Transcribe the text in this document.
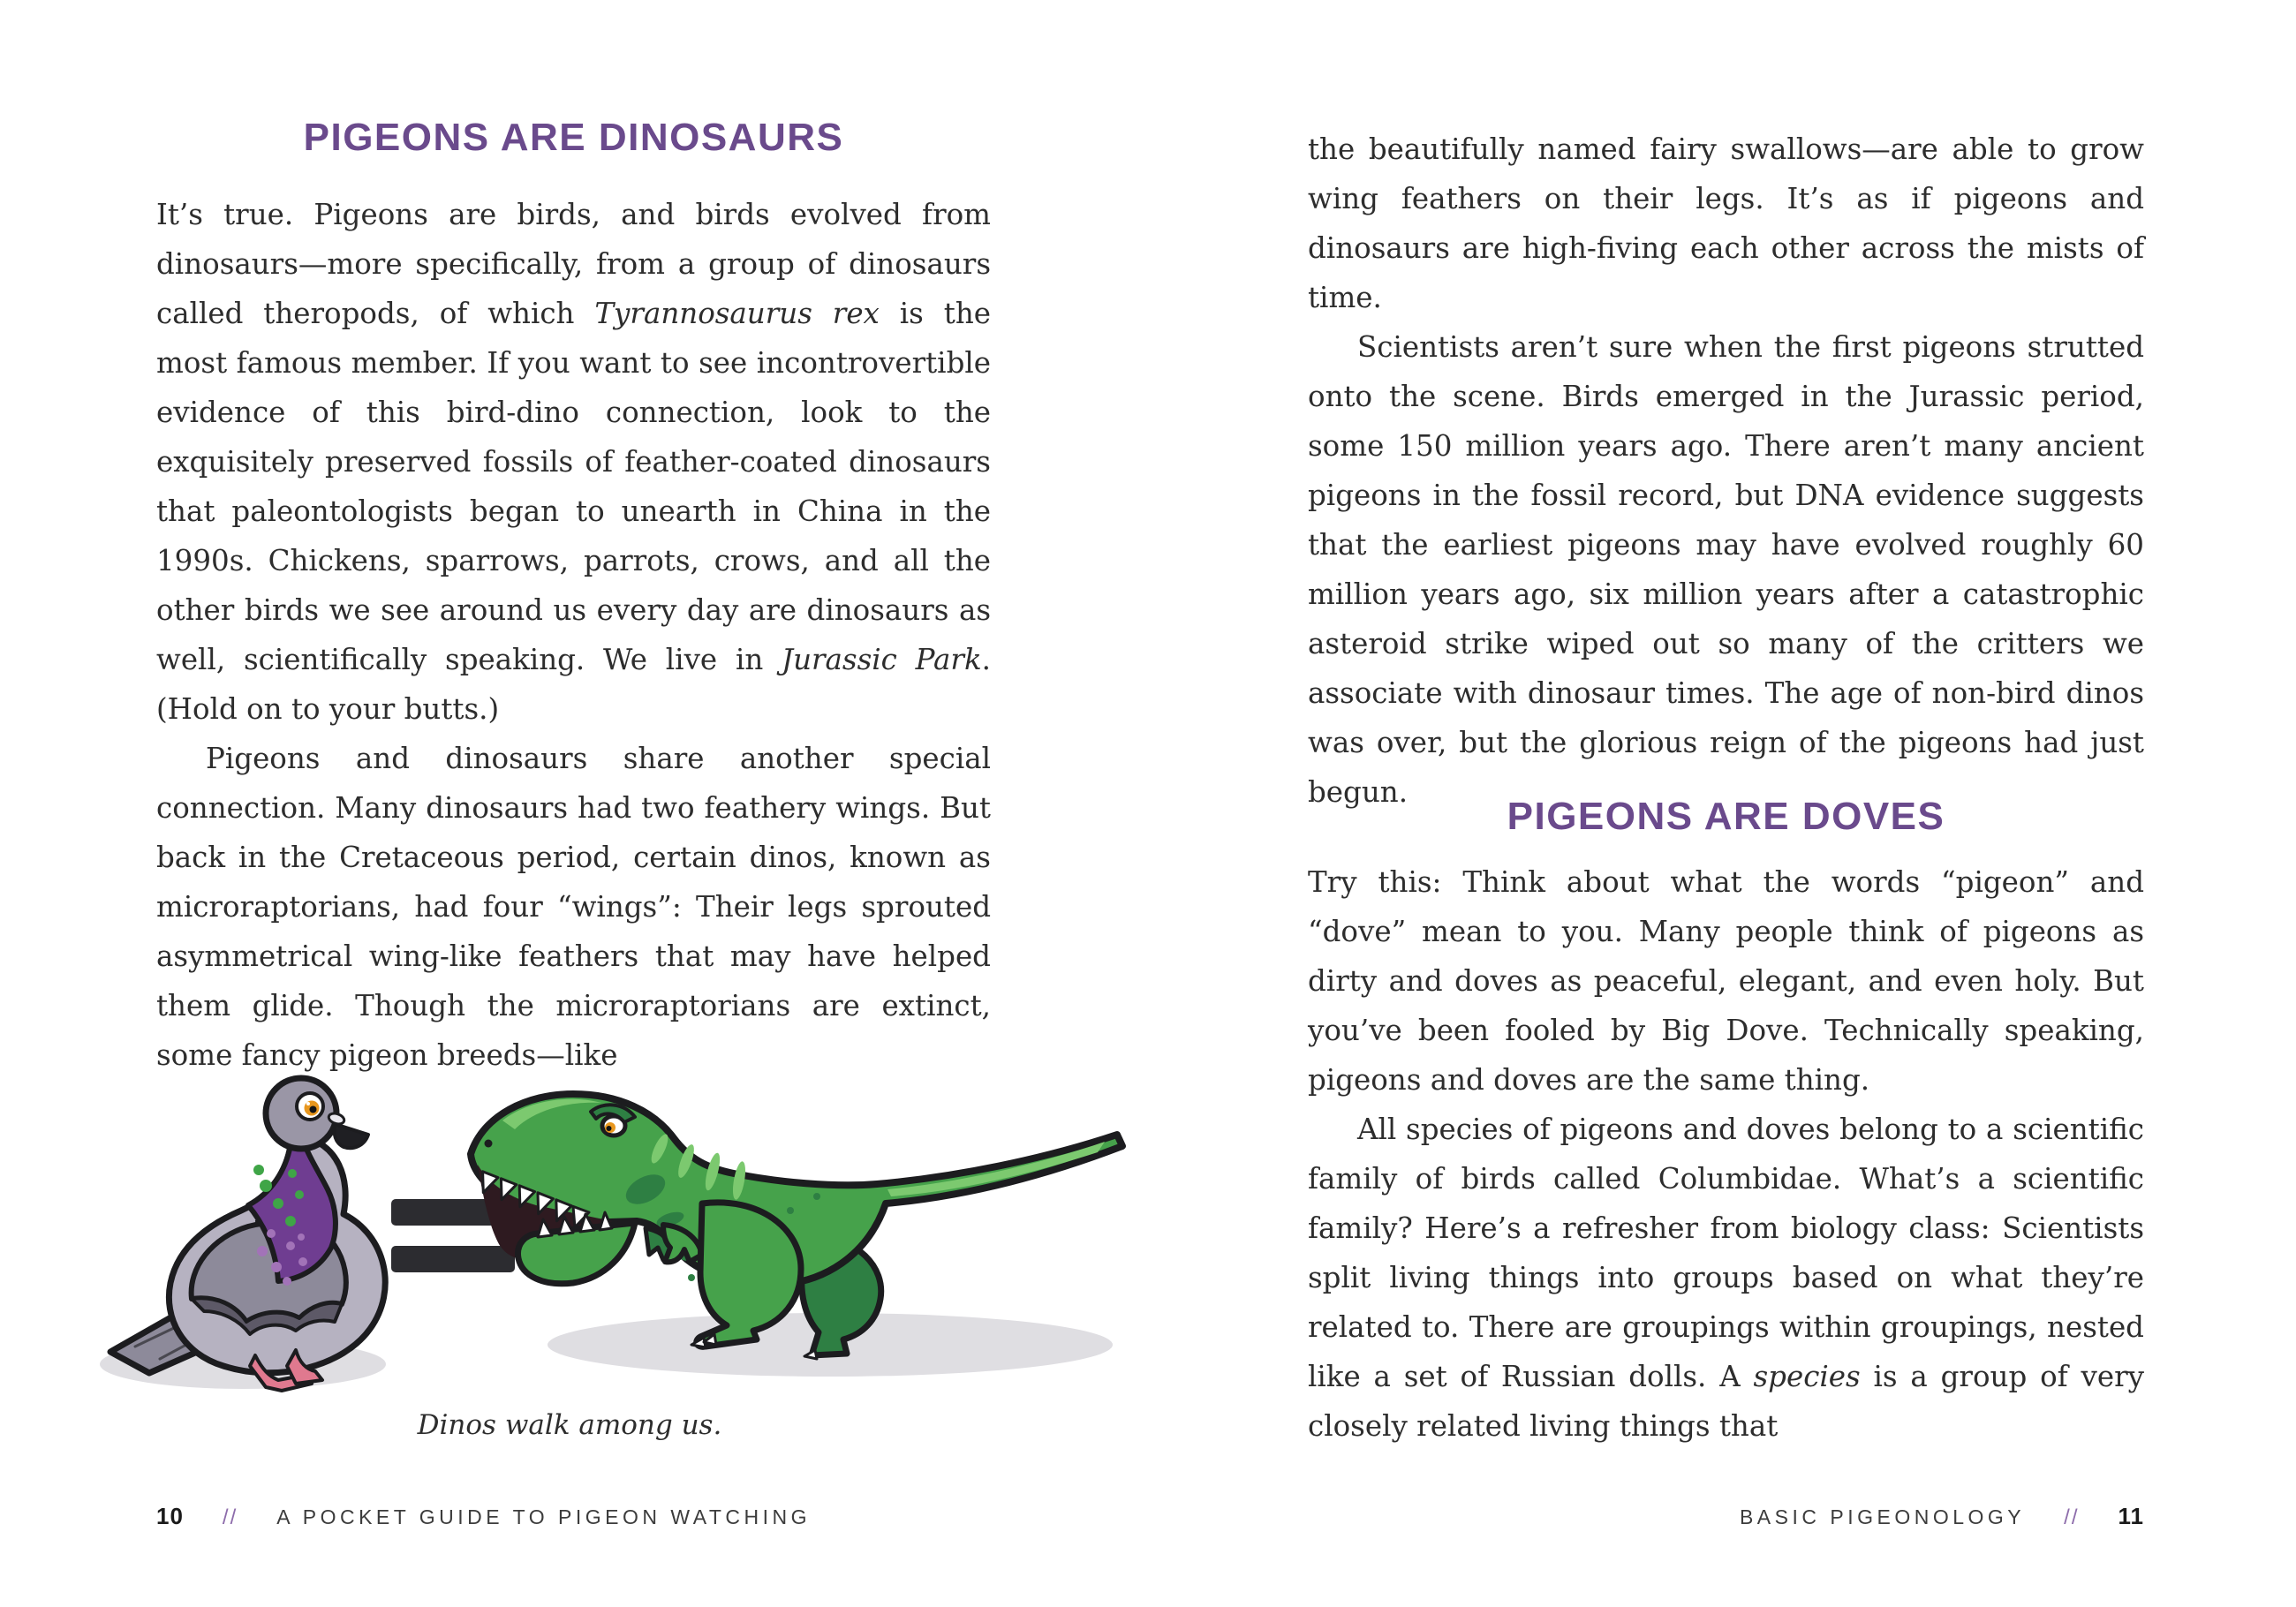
PIGEONS ARE DINOSAURS

It’s true. Pigeons are birds, and birds evolved from dinosaurs—more specifically, from a group of dinosaurs called theropods, of which Tyrannosaurus rex is the most famous member. If you want to see incontrovertible evidence of this bird-dino connection, look to the exquisitely preserved fossils of feather-coated dinosaurs that paleontologists began to unearth in China in the 1990s. Chickens, sparrows, parrots, crows, and all the other birds we see around us every day are dinosaurs as well, scientifically speaking. We live in Jurassic Park. (Hold on to your butts.)

Pigeons and dinosaurs share another special connection. Many dinosaurs had two feathery wings. But back in the Cretaceous period, certain dinos, known as microraptorians, had four “wings”: Their legs sprouted asymmetrical wing-like feathers that may have helped them glide. Though the microraptorians are extinct, some fancy pigeon breeds—like

Dinos walk among us.
10 // A POCKET GUIDE TO PIGEON WATCHING

the beautifully named fairy swallows—are able to grow wing feathers on their legs. It’s as if pigeons and dinosaurs are high-fiving each other across the mists of time.

Scientists aren’t sure when the first pigeons strutted onto the scene. Birds emerged in the Jurassic period, some 150 million years ago. There aren’t many ancient pigeons in the fossil record, but DNA evidence suggests that the earliest pigeons may have evolved roughly 60 million years ago, six million years after a catastrophic asteroid strike wiped out so many of the critters we associate with dinosaur times. The age of non-bird dinos was over, but the glorious reign of the pigeons had just begun.

PIGEONS ARE DOVES

Try this: Think about what the words “pigeon” and “dove” mean to you. Many people think of pigeons as dirty and doves as peaceful, elegant, and even holy. But you’ve been fooled by Big Dove. Technically speaking, pigeons and doves are the same thing.

All species of pigeons and doves belong to a scientific family of birds called Columbidae. What’s a scientific family? Here’s a refresher from biology class: Scientists split living things into groups based on what they’re related to. There are groupings within groupings, nested like a set of Russian dolls. A species is a group of very closely related living things that

BASIC PIGEONOLOGY // 11
